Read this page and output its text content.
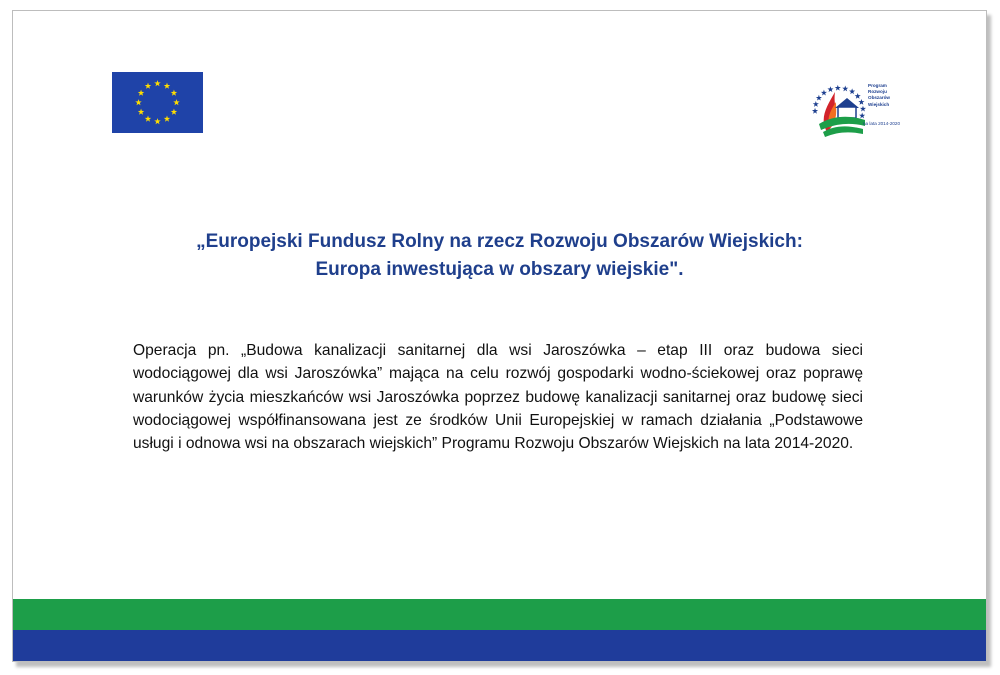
Program
Rozwoju
Obszarów
Wiejskich
na lata 2014-2020
„Europejski Fundusz Rolny na rzecz Rozwoju Obszarów Wiejskich:
Europa inwestująca w obszary wiejskie".
Operacja pn. „Budowa kanalizacji sanitarnej dla wsi Jaroszówka – etap III oraz budowa sieci wodociągowej dla wsi Jaroszówka” mająca na celu rozwój gospodarki wodno-ściekowej oraz poprawę warunków życia mieszkańców wsi Jaroszówka poprzez budowę kanalizacji sanitarnej oraz budowę sieci wodociągowej współfinansowana jest ze środków Unii Europejskiej w ramach działania „Podstawowe usługi i odnowa wsi na obszarach wiejskich” Programu Rozwoju Obszarów Wiejskich na lata 2014-2020.
